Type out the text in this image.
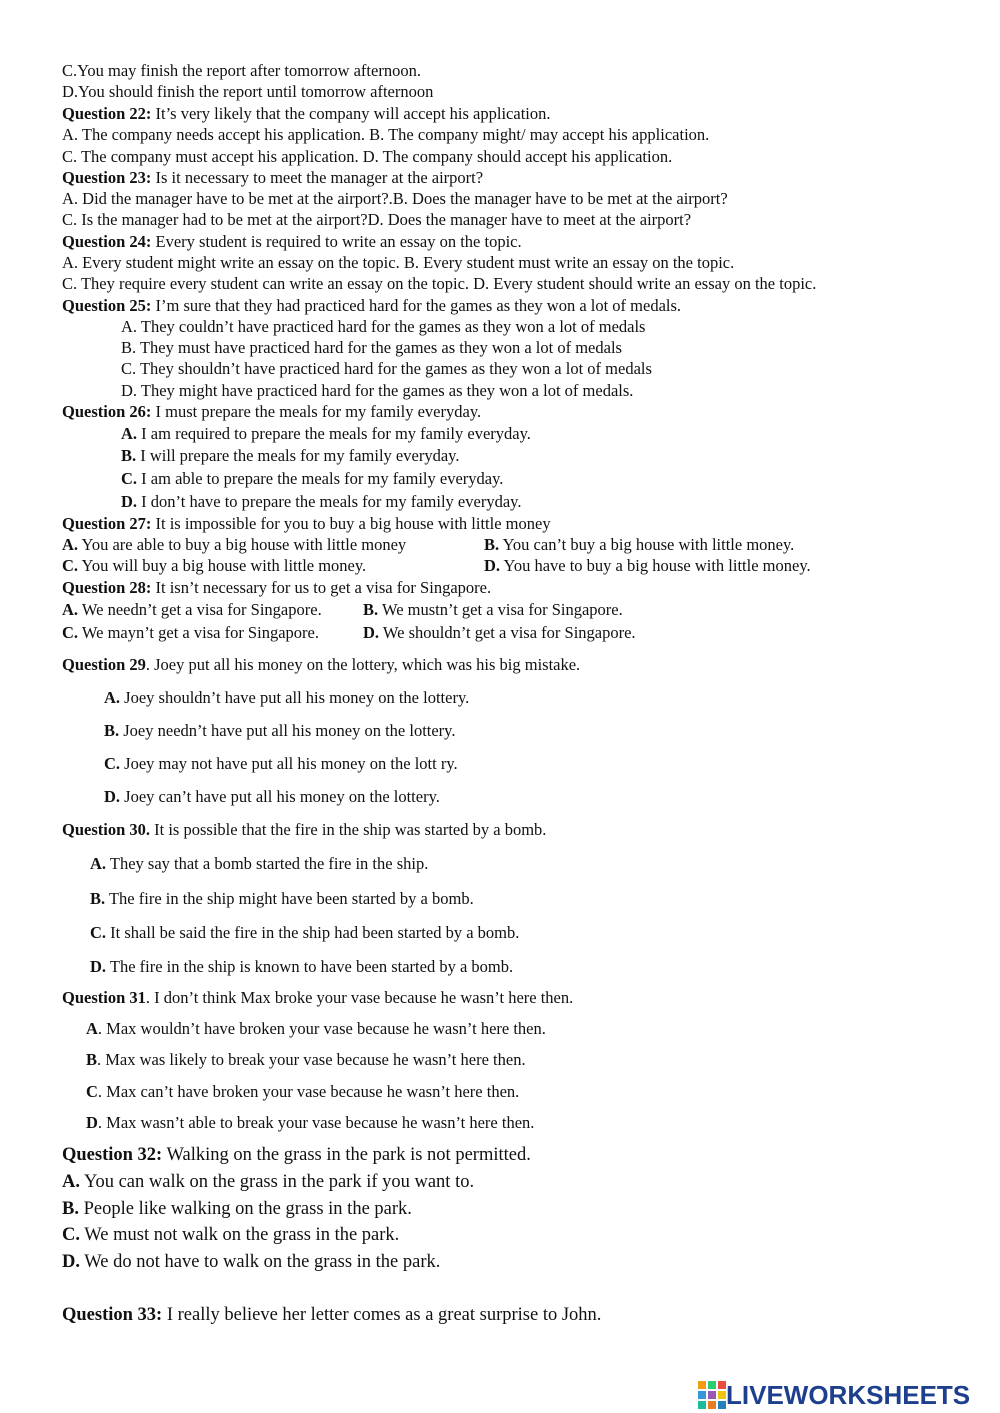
C.You may finish the report after tomorrow afternoon.
D.You should finish the report until tomorrow afternoon
Question 22: It’s very likely that the company will accept his application.
A. The company needs accept his application. B. The company might/ may accept his application.
C. The company must accept his application. D. The company should accept his application.
Question 23: Is it necessary to meet the manager at the airport?
A. Did the manager have to be met at the airport?.B. Does the manager have to be met at the airport?
C. Is the manager had to be met at the airport?D. Does the manager have to meet at the airport?
Question 24: Every student is required to write an essay on the topic.
A. Every student might write an essay on the topic. B. Every student must write an essay on the topic.
C. They require every student can write an essay on the topic. D. Every student should write an essay on the topic.
Question 25: I’m sure that they had practiced hard for the games as they won a lot of medals.
A. They couldn’t have practiced hard for the games as they won a lot of medals
B. They must have practiced hard for the games as they won a lot of medals
C. They shouldn’t have practiced hard for the games as they won a lot of medals
D. They might have practiced hard for the games as they won a lot of medals.
Question 26: I must prepare the meals for my family everyday.
A. I am required to prepare the meals for my family everyday.
B. I will prepare the meals for my family everyday.
C. I am able to prepare the meals for my family everyday.
D. I don’t have to prepare the meals for my family everyday.
Question 27: It is impossible for you to buy a big house with little money
A. You are able to buy a big house with little money	B. You can’t buy a big house with little money.
C. You will buy a big house with little money.	D. You have to buy a big house with little money.
Question 28: It isn’t necessary for us to get a visa for Singapore.
A. We needn’t get a visa for Singapore.	B. We mustn’t get a visa for Singapore.
C. We mayn’t get a visa for Singapore.	D. We shouldn’t get a visa for Singapore.
Question 29. Joey put all his money on the lottery, which was his big mistake.
A. Joey shouldn’t have put all his money on the lottery.
B. Joey needn’t have put all his money on the lottery.
C. Joey may not have put all his money on the lott ry.
D. Joey can’t have put all his money on the lottery.
Question 30. It is possible that the fire in the ship was started by a bomb.
A. They say that a bomb started the fire in the ship.
B. The fire in the ship might have been started by a bomb.
C. It shall be said the fire in the ship had been started by a bomb.
D. The fire in the ship is known to have been started by a bomb.
Question 31. I don’t think Max broke your vase because he wasn’t here then.
A. Max wouldn’t have broken your vase because he wasn’t here then.
B. Max was likely to break your vase because he wasn’t here then.
C. Max can’t have broken your vase because he wasn’t here then.
D. Max wasn’t able to break your vase because he wasn’t here then.
Question 32: Walking on the grass in the park is not permitted.
A. You can walk on the grass in the park if you want to.
B. People like walking on the grass in the park.
C. We must not walk on the grass in the park.
D. We do not have to walk on the grass in the park.
Question 33: I really believe her letter comes as a great surprise to John.
LIVEWORKSHEETS
